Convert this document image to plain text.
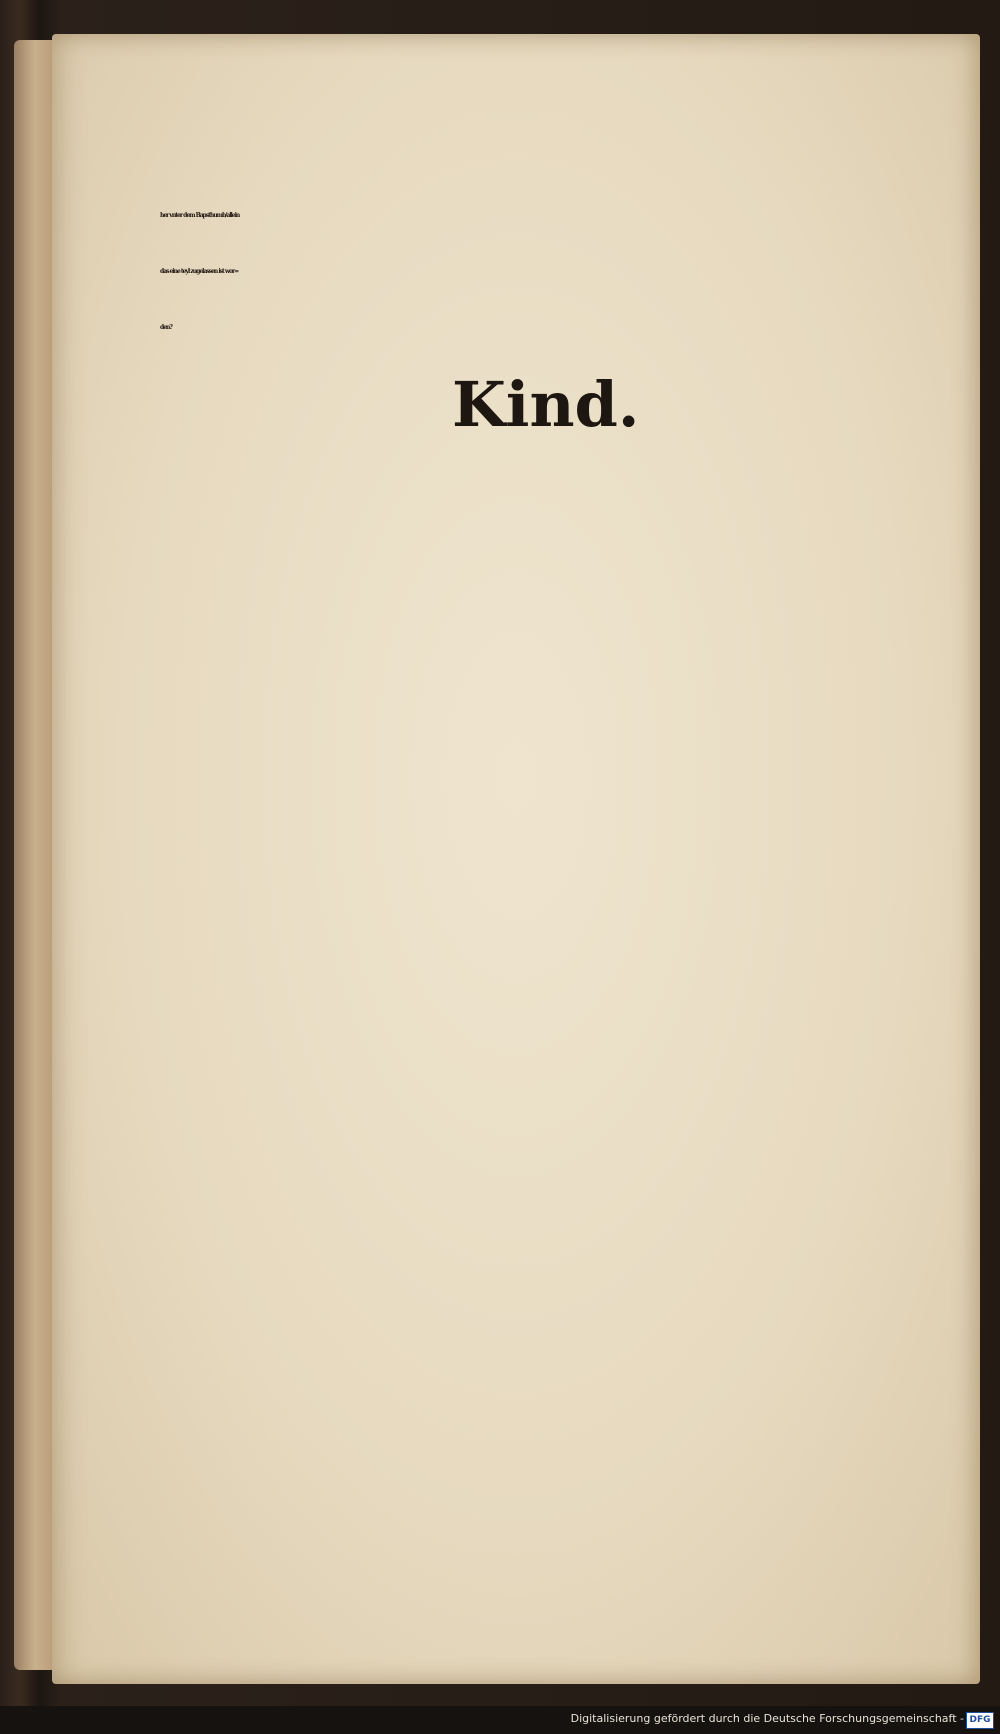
her vnter dem Bapsthumb/allein
das eine teyl zugelassen ist wor=
den?
Kind.
Digitalisierung gefördert durch die Deutsche Forschungsgemeinschaft - DFG
